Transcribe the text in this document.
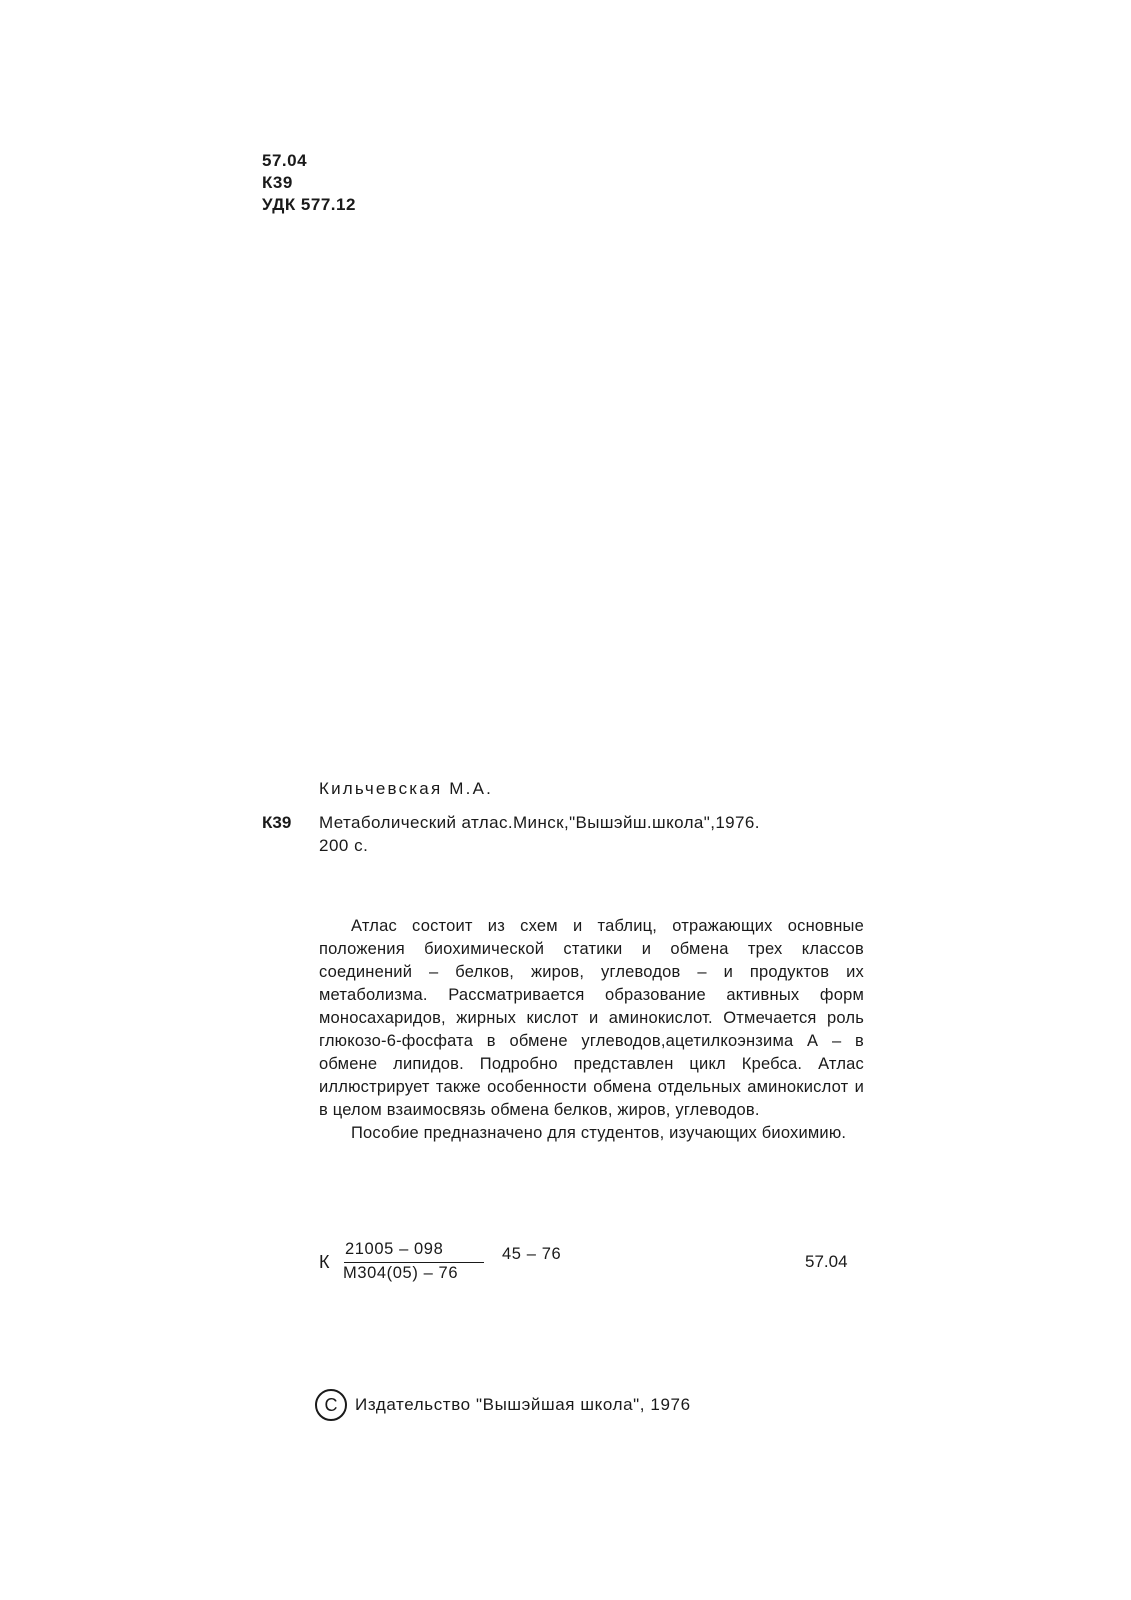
57.04
К39
УДК 577.12
Кильчевская М.А.
К39 Метаболический атлас.Минск,"Вышэйш.школа",1976.
200 с.

Атлас состоит из схем и таблиц, отражающих основные положения биохимической статики и обмена трех классов соединений – белков, жиров, углеводов – и продуктов их метаболизма. Рассматривается образование активных форм моносахаридов, жирных кислот и аминокислот. Отмечается роль глюкозо-6-фосфата в обмене углеводов,ацетилкоэнзима А – в обмене липидов. Подробно представлен цикл Кребса. Атлас иллюстрирует также особенности обмена отдельных аминокислот и в целом взаимосвязь обмена белков, жиров, углеводов.

Пособие предназначено для студентов, изучающих биохимию.

К
21005 – 098
М304(05) – 76
45 – 76	57.04
C Издательство "Вышэйшая школа", 1976
